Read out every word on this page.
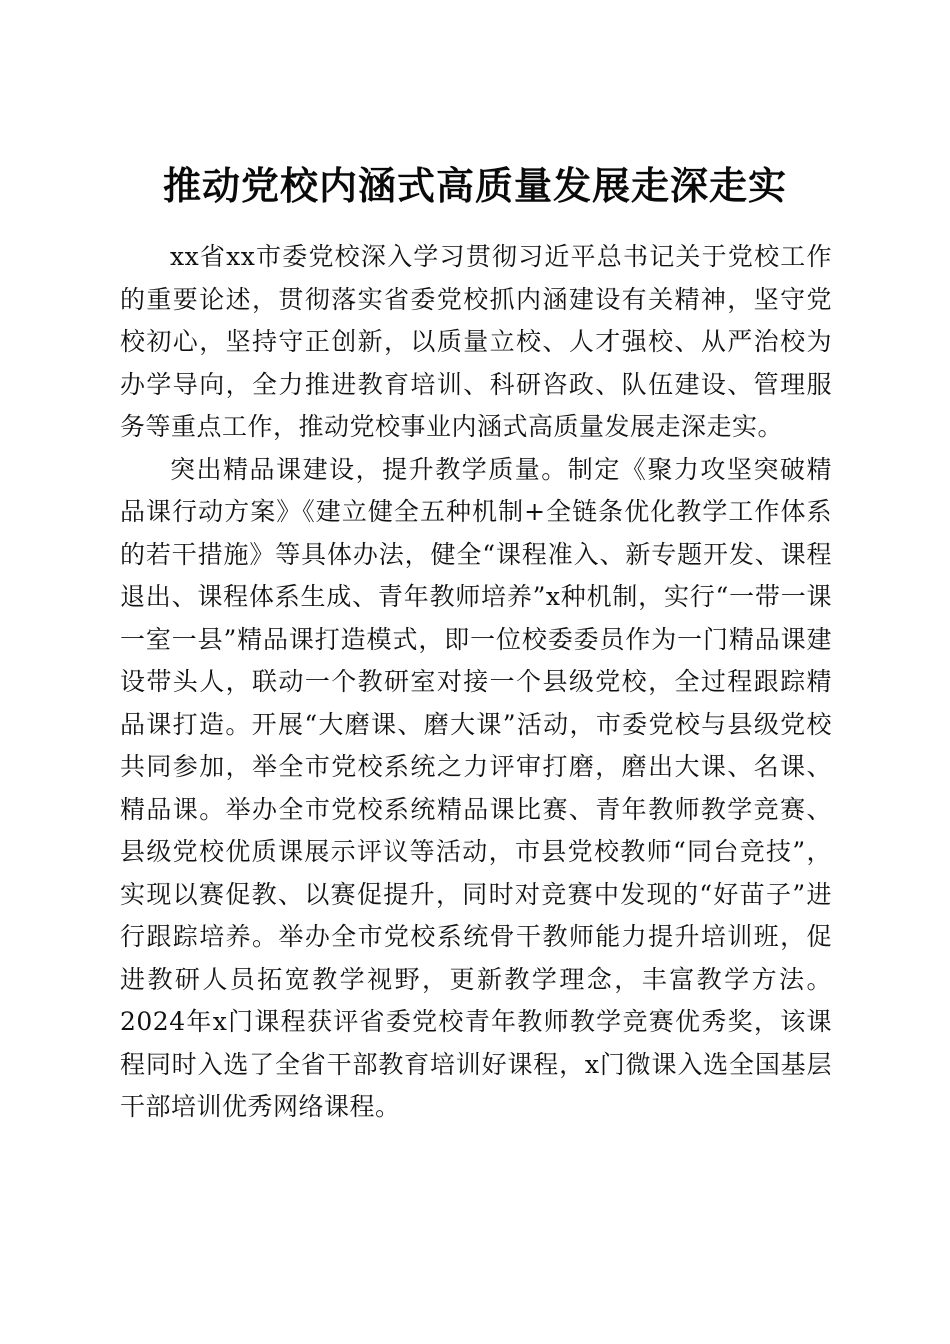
推动党校内涵式高质量发展走深走实

xx省xx市委党校深入学习贯彻习近平总书记关于党校工作的重要论述，贯彻落实省委党校抓内涵建设有关精神，坚守党校初心，坚持守正创新，以质量立校、人才强校、从严治校为办学导向，全力推进教育培训、科研咨政、队伍建设、管理服务等重点工作，推动党校事业内涵式高质量发展走深走实。

突出精品课建设，提升教学质量。制定《聚力攻坚突破精品课行动方案》《建立健全五种机制+全链条优化教学工作体系的若干措施》等具体办法，健全“课程准入、新专题开发、课程退出、课程体系生成、青年教师培养”x种机制，实行“一带一课一室一县”精品课打造模式，即一位校委委员作为一门精品课建设带头人，联动一个教研室对接一个县级党校，全过程跟踪精品课打造。开展“大磨课、磨大课”活动，市委党校与县级党校共同参加，举全市党校系统之力评审打磨，磨出大课、名课、精品课。举办全市党校系统精品课比赛、青年教师教学竞赛、县级党校优质课展示评议等活动，市县党校教师“同台竞技”，实现以赛促教、以赛促提升，同时对竞赛中发现的“好苗子”进行跟踪培养。举办全市党校系统骨干教师能力提升培训班，促进教研人员拓宽教学视野，更新教学理念，丰富教学方法。2024年x门课程获评省委党校青年教师教学竞赛优秀奖，该课程同时入选了全省干部教育培训好课程，x门微课入选全国基层干部培训优秀网络课程。
